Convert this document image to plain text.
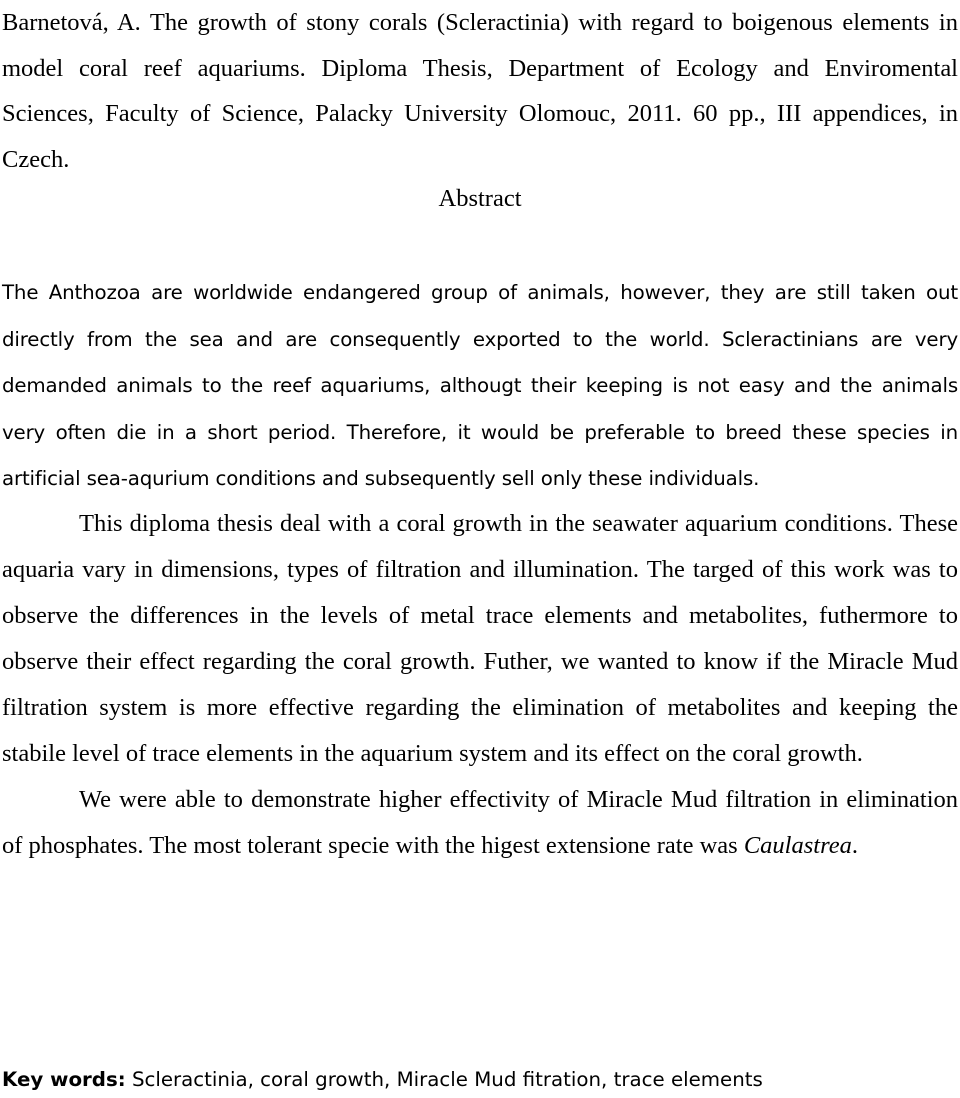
Barnetová, A. The growth of stony corals (Scleractinia) with regard to boigenous elements in model coral reef aquariums. Diploma Thesis, Department of Ecology and Enviromental Sciences, Faculty of Science, Palacky University Olomouc, 2011. 60 pp., III appendices, in Czech.

Abstract

The Anthozoa are worldwide endangered group of animals, however, they are still taken out directly from the sea and are consequently exported to the world. Scleractinians are very demanded animals to the reef aquariums, althougt their keeping is not easy and the animals very often die in a short period. Therefore, it would be preferable to breed these species in artificial sea-aqurium conditions and subsequently sell only these individuals.

This diploma thesis deal with a coral growth in the seawater aquarium conditions. These aquaria vary in dimensions, types of filtration and illumination. The targed of this work was to observe the differences in the levels of metal trace elements and metabolites, futhermore to observe their effect regarding the coral growth. Futher, we wanted to know if the Miracle Mud filtration system is more effective regarding the elimination of metabolites and keeping the stabile level of trace elements in the aquarium system and its effect on the coral growth.

We were able to demonstrate higher effectivity of Miracle Mud filtration in elimination of phosphates. The most tolerant specie with the higest extensione rate was Caulastrea.

Key words: Scleractinia, coral growth, Miracle Mud fitration, trace elements
